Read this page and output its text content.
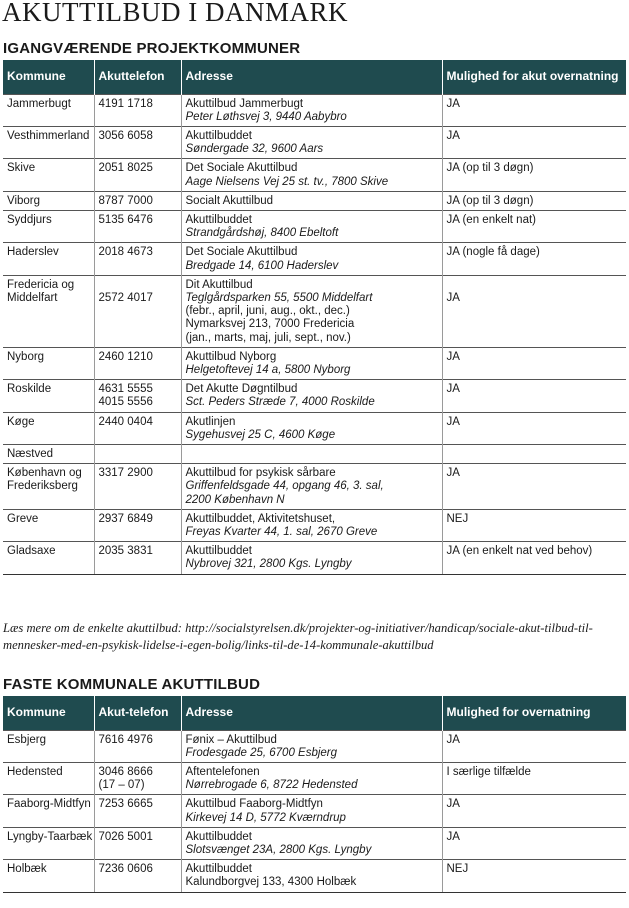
AKUTTILBUD I DANMARK
IGANGVÆRENDE PROJEKTKOMMUNER
Kommune	Akuttelefon	Adresse	Mulighed for akut overnatning

Jammerbugt	4191 1718	Akuttilbud Jammerbugt
Peter Løthsvej 3, 9440 Aabybro	JA

Vesthimmerland	3056 6058	Akuttilbuddet
Søndergade 32, 9600 Aars	JA

Skive	2051 8025	Det Sociale Akuttilbud
Aage Nielsens Vej 25 st. tv., 7800 Skive	JA (op til 3 døgn)

Viborg	8787 7000	Socialt Akuttilbud	JA (op til 3 døgn)

Syddjurs	5135 6476	Akuttilbuddet
Strandgårdshøj, 8400 Ebeltoft	JA (en enkelt nat)

Haderslev	2018 4673	Det Sociale Akuttilbud
Bredgade 14, 6100 Haderslev	JA (nogle få dage)

Fredericia og
Middelfart	2572 4017	Dit Akuttilbud
Teglgårdsparken 55, 5500 Middelfart
(febr., april, juni, aug., okt., dec.)
Nymarksvej 213, 7000 Fredericia
(jan., marts, maj, juli, sept., nov.)	JA

Nyborg	2460 1210	Akuttilbud Nyborg
Helgetoftevej 14 a, 5800 Nyborg	JA

Roskilde	4631 5555
4015 5556	Det Akutte Døgntilbud
Sct. Peders Stræde 7, 4000 Roskilde	JA

Køge	2440 0404	Akutlinjen
Sygehusvej 25 C, 4600 Køge	JA

Næstved			

København og
Frederiksberg	3317 2900	Akuttilbud for psykisk sårbare
Griffenfeldsgade 44, opgang 46, 3. sal,
2200 København N	JA

Greve	2937 6849	Akuttilbuddet, Aktivitetshuset,
Freyas Kvarter 44, 1. sal, 2670 Greve	NEJ

Gladsaxe	2035 3831	Akuttilbuddet
Nybrovej 321, 2800 Kgs. Lyngby	JA (en enkelt nat ved behov)
Læs mere om de enkelte akuttilbud: http://socialstyrelsen.dk/projekter-og-initiativer/handicap/sociale-akut-tilbud-til-mennesker-med-en-psykisk-lidelse-i-egen-bolig/links-til-de-14-kommunale-akuttilbud
FASTE KOMMUNALE AKUTTILBUD
Kommune	Akut-telefon	Adresse	Mulighed for overnatning

Esbjerg	7616 4976	Fønix – Akuttilbud
Frodesgade 25, 6700 Esbjerg	JA

Hedensted	3046 8666
(17 – 07)	Aftentelefonen
Nørrebrogade 6, 8722 Hedensted	I særlige tilfælde

Faaborg-Midtfyn	7253 6665	Akuttilbud Faaborg-Midtfyn
Kirkevej 14 D, 5772 Kværndrup	JA

Lyngby-Taarbæk	7026 5001	Akuttilbuddet
Slotsvænget 23A, 2800 Kgs. Lyngby	JA

Holbæk	7236 0606	Akuttilbuddet
Kalundborgvej 133, 4300 Holbæk	NEJ
